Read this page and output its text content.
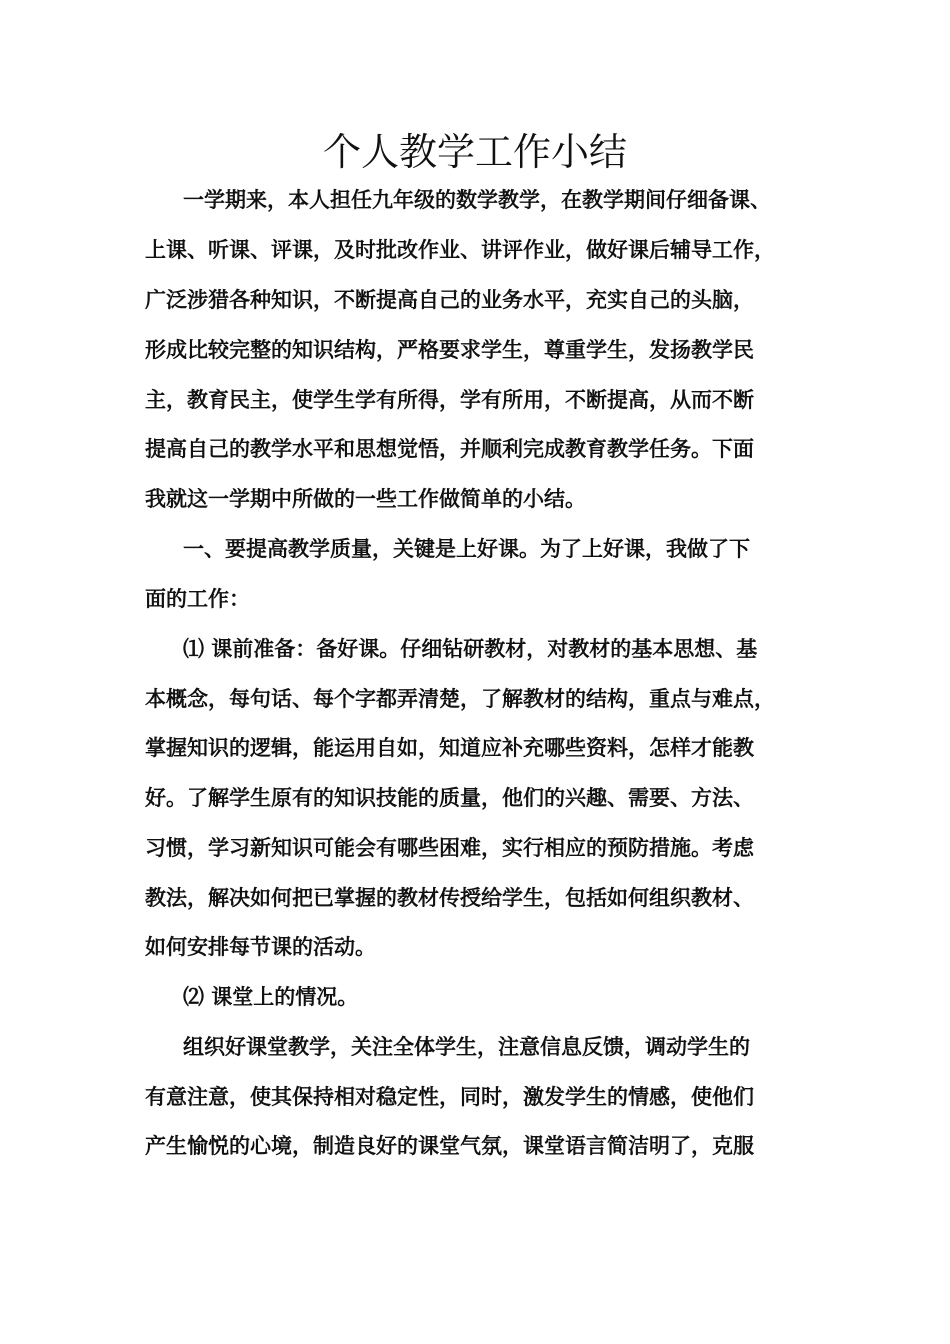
个人教学工作小结
一学期来，本人担任九年级的数学教学，在教学期间仔细备课、
上课、听课、评课，及时批改作业、讲评作业，做好课后辅导工作，
广泛涉猎各种知识，不断提高自己的业务水平，充实自己的头脑，
形成比较完整的知识结构，严格要求学生，尊重学生，发扬教学民
主，教育民主，使学生学有所得，学有所用，不断提高，从而不断
提高自己的教学水平和思想觉悟，并顺利完成教育教学任务。下面
我就这一学期中所做的一些工作做简单的小结。
一、要提高教学质量，关键是上好课。为了上好课，我做了下
面的工作：
⑴ 课前准备：备好课。仔细钻研教材，对教材的基本思想、基
本概念，每句话、每个字都弄清楚，了解教材的结构，重点与难点，
掌握知识的逻辑，能运用自如，知道应补充哪些资料，怎样才能教
好。了解学生原有的知识技能的质量，他们的兴趣、需要、方法、
习惯，学习新知识可能会有哪些困难，实行相应的预防措施。考虑
教法，解决如何把已掌握的教材传授给学生，包括如何组织教材、
如何安排每节课的活动。
⑵ 课堂上的情况。
组织好课堂教学，关注全体学生，注意信息反馈，调动学生的
有意注意，使其保持相对稳定性，同时，激发学生的情感，使他们
产生愉悦的心境，制造良好的课堂气氛，课堂语言简洁明了，克服
